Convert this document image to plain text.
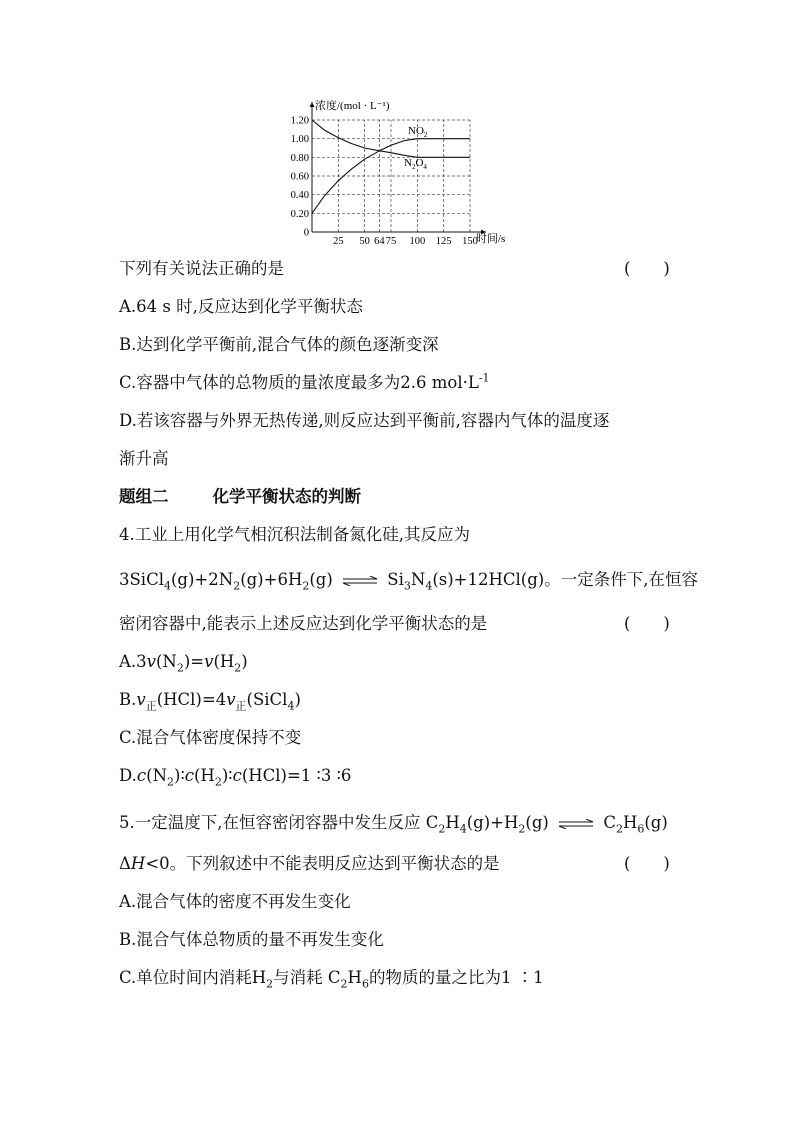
0
0.20
0.40
0.60
0.80
1.00
1.20
25 50 64 75 100 125 150
浓度/(mol · L⁻¹)
时间/s
$NO_2$
$N_2O_4$
下列有关说法正确的是	(　　)
A.64 s 时,反应达到化学平衡状态
B.达到化学平衡前,混合气体的颜色逐渐变深
C.容器中气体的总物质的量浓度最多为2.6 $mol\cdot L^{-1}$
D.若该容器与外界无热传递,则反应达到平衡前,容器内气体的温度逐
渐升高
题组二	化学平衡状态的判断
4.工业上用化学气相沉积法制备氮化硅,其反应为
$3SiCl_4(g)+2N_2(g)+6H_2(g)$ ⇌ $Si_3N_4(s)+12HCl(g)$。一定条件下,在恒容
密闭容器中,能表示上述反应达到化学平衡状态的是	(　　)
$A.3v(N_2)=v(H_2)$
$B.v_正(HCl)=4v_正(SiCl_4)$
C.混合气体密度保持不变
$D.c(N_2)∶c(H_2)∶c(HCl)=1$ ∶3 ∶6
5.一定温度下,在恒容密闭容器中发生反应 $C_2H_4(g)+H_2(g)$ ⇌ $C_2H_6(g)$
ΔH<0。下列叙述中不能表明反应达到平衡状态的是	(　　)
A.混合气体的密度不再发生变化
B.混合气体总物质的量不再发生变化
C.单位时间内消耗$H_2$与消耗 $C_2H_6$的物质的量之比为1 ∶1
